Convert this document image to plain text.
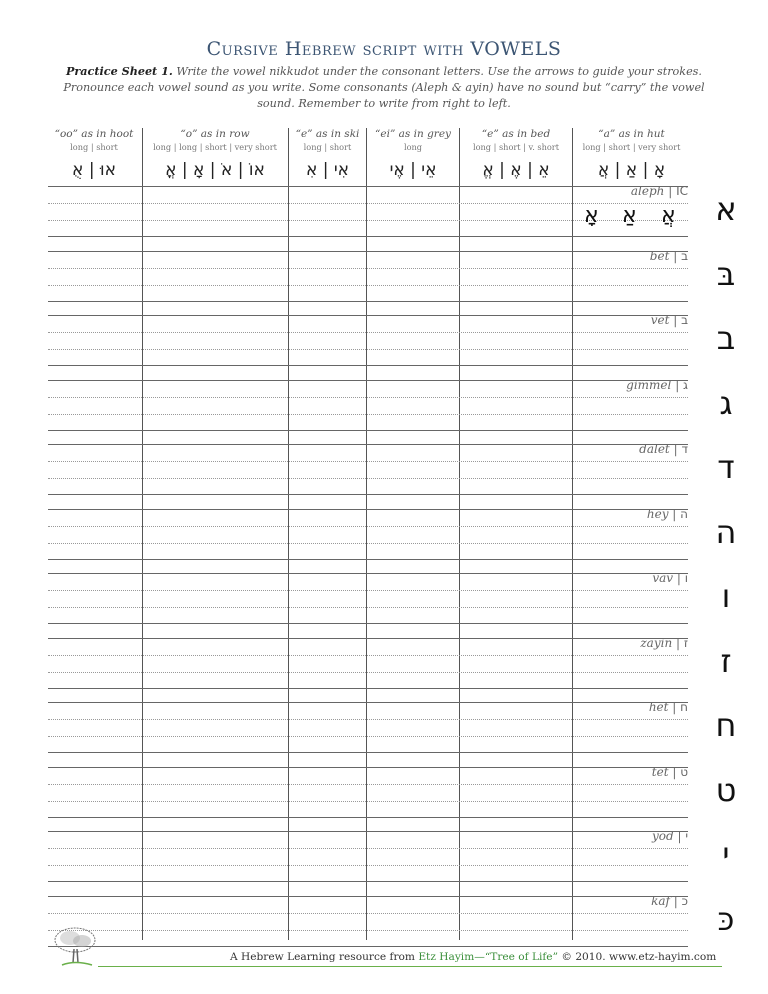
Cursive Hebrew script with VOWELS
Practice Sheet 1. Write the vowel nikkudot under the consonant letters. Use the arrows to guide your strokes. Pronounce each vowel sound as you write. Some consonants (Aleph & ayin) have no sound but “carry” the vowel sound. Remember to write from right to left.
“oo” as in hoot
long | short
אוּ | אֻ
“o” as in row
long | long | short | very short
אוֹ | אֹ | אָ | אֳ
“e” as in ski
long | short
אִי | אִ
“ei” as in grey
long
אֵי | אֶי
“e” as in bed
long | short | v. short
אֵ | אֶ | אֱ
“a” as in hut
long | short | very short
אָ | אַ | אֲ
אָ אַ אֲ
A Hebrew Learning resource from Etz Hayim—“Tree of Life” © 2010. www.etz-hayim.com
aleph | IC א
bet | ב בּ
vet | ב ב
gimmel | ג ג
dalet | ד ד
hey | ה ה
vav | ו	ו
zayin | ז	ז
het | ח ח
tet | ט ט
yod | י	י
kaf | כ כּ
